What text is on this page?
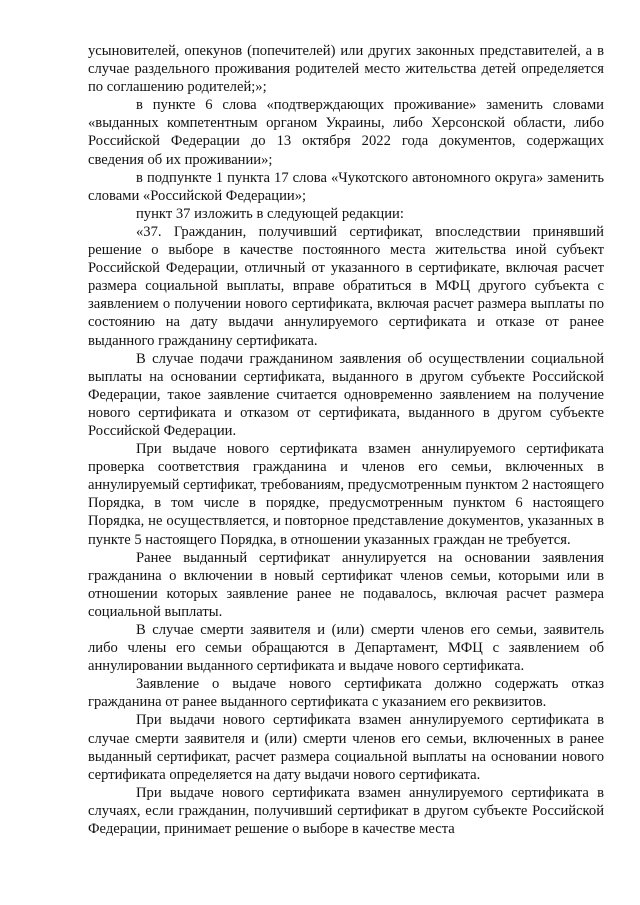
усыновителей, опекунов (попечителей) или других законных представителей, а в случае раздельного проживания родителей место жительства детей определяется по соглашению родителей;»;

в пункте 6 слова «подтверждающих проживание» заменить словами «выданных компетентным органом Украины, либо Херсонской области, либо Российской Федерации до 13 октября 2022 года документов, содержащих сведения об их проживании»;

в подпункте 1 пункта 17 слова «Чукотского автономного округа» заменить словами «Российской Федерации»;

пункт 37 изложить в следующей редакции:

«37. Гражданин, получивший сертификат, впоследствии принявший решение о выборе в качестве постоянного места жительства иной субъект Российской Федерации, отличный от указанного в сертификате, включая расчет размера социальной выплаты, вправе обратиться в МФЦ другого субъекта с заявлением о получении нового сертификата, включая расчет размера выплаты по состоянию на дату выдачи аннулируемого сертификата и отказе от ранее выданного гражданину сертификата.

В случае подачи гражданином заявления об осуществлении социальной выплаты на основании сертификата, выданного в другом субъекте Российской Федерации, такое заявление считается одновременно заявлением на получение нового сертификата и отказом от сертификата, выданного в другом субъекте Российской Федерации.

При выдаче нового сертификата взамен аннулируемого сертификата проверка соответствия гражданина и членов его семьи, включенных в аннулируемый сертификат, требованиям, предусмотренным пунктом 2 настоящего Порядка, в том числе в порядке, предусмотренным пунктом 6 настоящего Порядка, не осуществляется, и повторное представление документов, указанных в пункте 5 настоящего Порядка, в отношении указанных граждан не требуется.

Ранее выданный сертификат аннулируется на основании заявления гражданина о включении в новый сертификат членов семьи, которыми или в отношении которых заявление ранее не подавалось, включая расчет размера социальной выплаты.

В случае смерти заявителя и (или) смерти членов его семьи, заявитель либо члены его семьи обращаются в Департамент, МФЦ с заявлением об аннулировании выданного сертификата и выдаче нового сертификата.

Заявление о выдаче нового сертификата должно содержать отказ гражданина от ранее выданного сертификата с указанием его реквизитов.

При выдачи нового сертификата взамен аннулируемого сертификата в случае смерти заявителя и (или) смерти членов его семьи, включенных в ранее выданный сертификат, расчет размера социальной выплаты на основании нового сертификата определяется на дату выдачи нового сертификата.

При выдаче нового сертификата взамен аннулируемого сертификата в случаях, если гражданин, получивший сертификат в другом субъекте Российской Федерации, принимает решение о выборе в качестве места
